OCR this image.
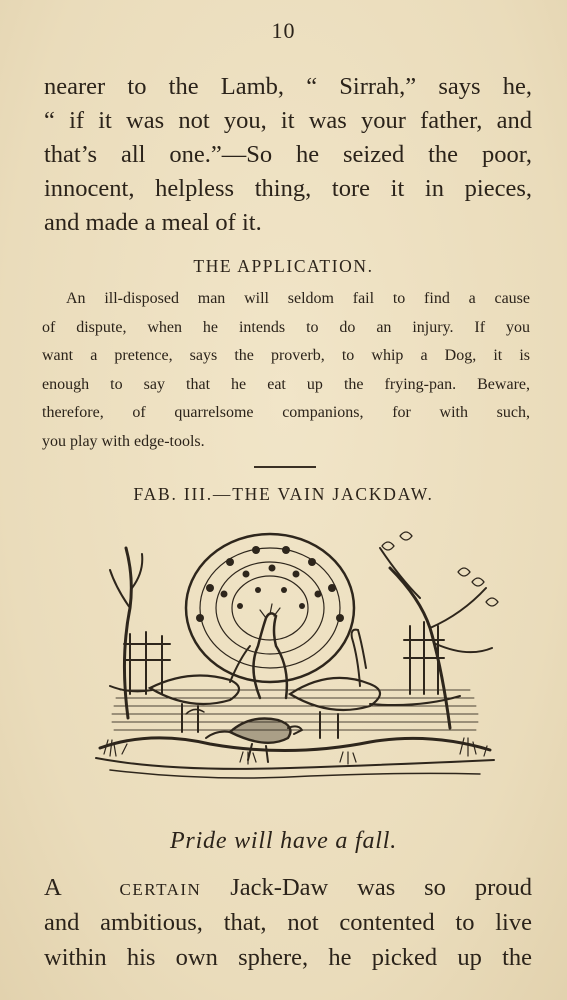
10
nearer to the Lamb, “ Sirrah,” says he,
“ if it was not you, it was your father, and
that’s all one.”—So he seized the poor,
innocent, helpless thing, tore it in pieces,
and made a meal of it.
THE APPLICATION.
An ill-disposed man will seldom fail to find a cause
of dispute, when he intends to do an injury. If you
want a pretence, says the proverb, to whip a Dog, it is
enough to say that he eat up the frying-pan. Beware,
therefore, of quarrelsome companions, for with such,
you play with edge-tools.
FAB. III.—THE VAIN JACKDAW.
Pride will have a fall.
A certain Jack-Daw was so proud
and ambitious, that, not contented to live
within his own sphere, he picked up the
